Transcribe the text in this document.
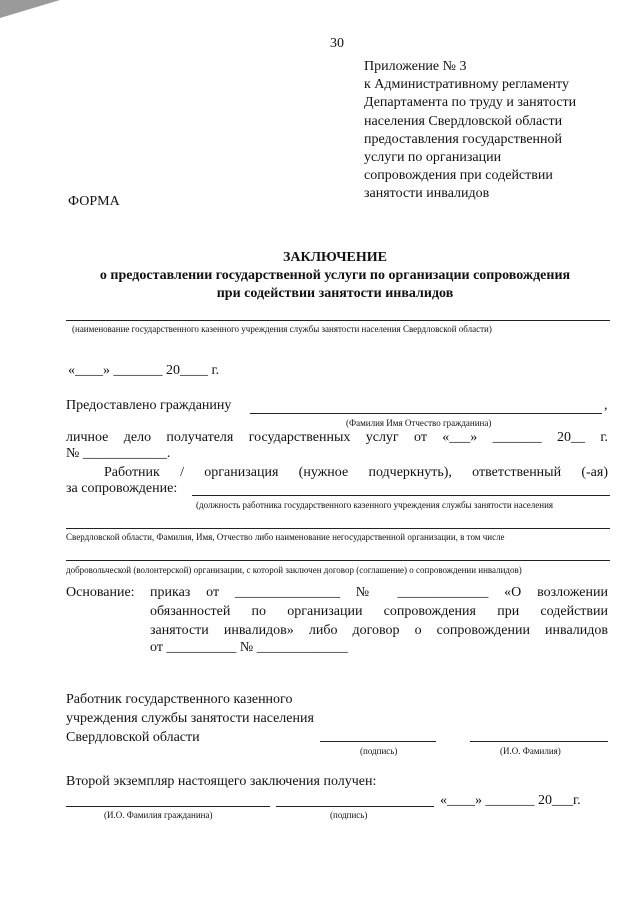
30
Приложение № 3
к Административному регламенту
Департамента по труду и занятости
населения Свердловской области
предоставления государственной
услуги по организации
сопровождения при содействии
занятости инвалидов
ФОРМА
ЗАКЛЮЧЕНИЕ
о предоставлении государственной услуги по организации сопровождения
при содействии занятости инвалидов
(наименование государственного казенного учреждения службы занятости населения Свердловской области)
«____» _______ 20____ г.
Предоставлено гражданину	,
(Фамилия Имя Отчество гражданина)
личное дело получателя государственных услуг от «___» _______ 20__ г.
№ ____________.
Работник / организация (нужное подчеркнуть), ответственный (-ая)
за сопровождение:
(должность работника государственного казенного учреждения службы занятости населения
Свердловской области, Фамилия, Имя, Отчество либо наименование негосударственной организации, в том числе
добровольческой (волонтерской) организации, с которой заключен договор (соглашение) о сопровождении инвалидов)
Основание: приказ от _______________ № _____________ «О возложении
обязанностей по организации сопровождения при содействии
занятости инвалидов» либо договор о сопровождении инвалидов
от __________ № _____________
Работник государственного казенного
учреждения службы занятости населения
Свердловской области
(подпись)	(И.О. Фамилия)
Второй экземпляр настоящего заключения получен:
«____» _______ 20___г.
(И.О. Фамилия гражданина)	(подпись)
